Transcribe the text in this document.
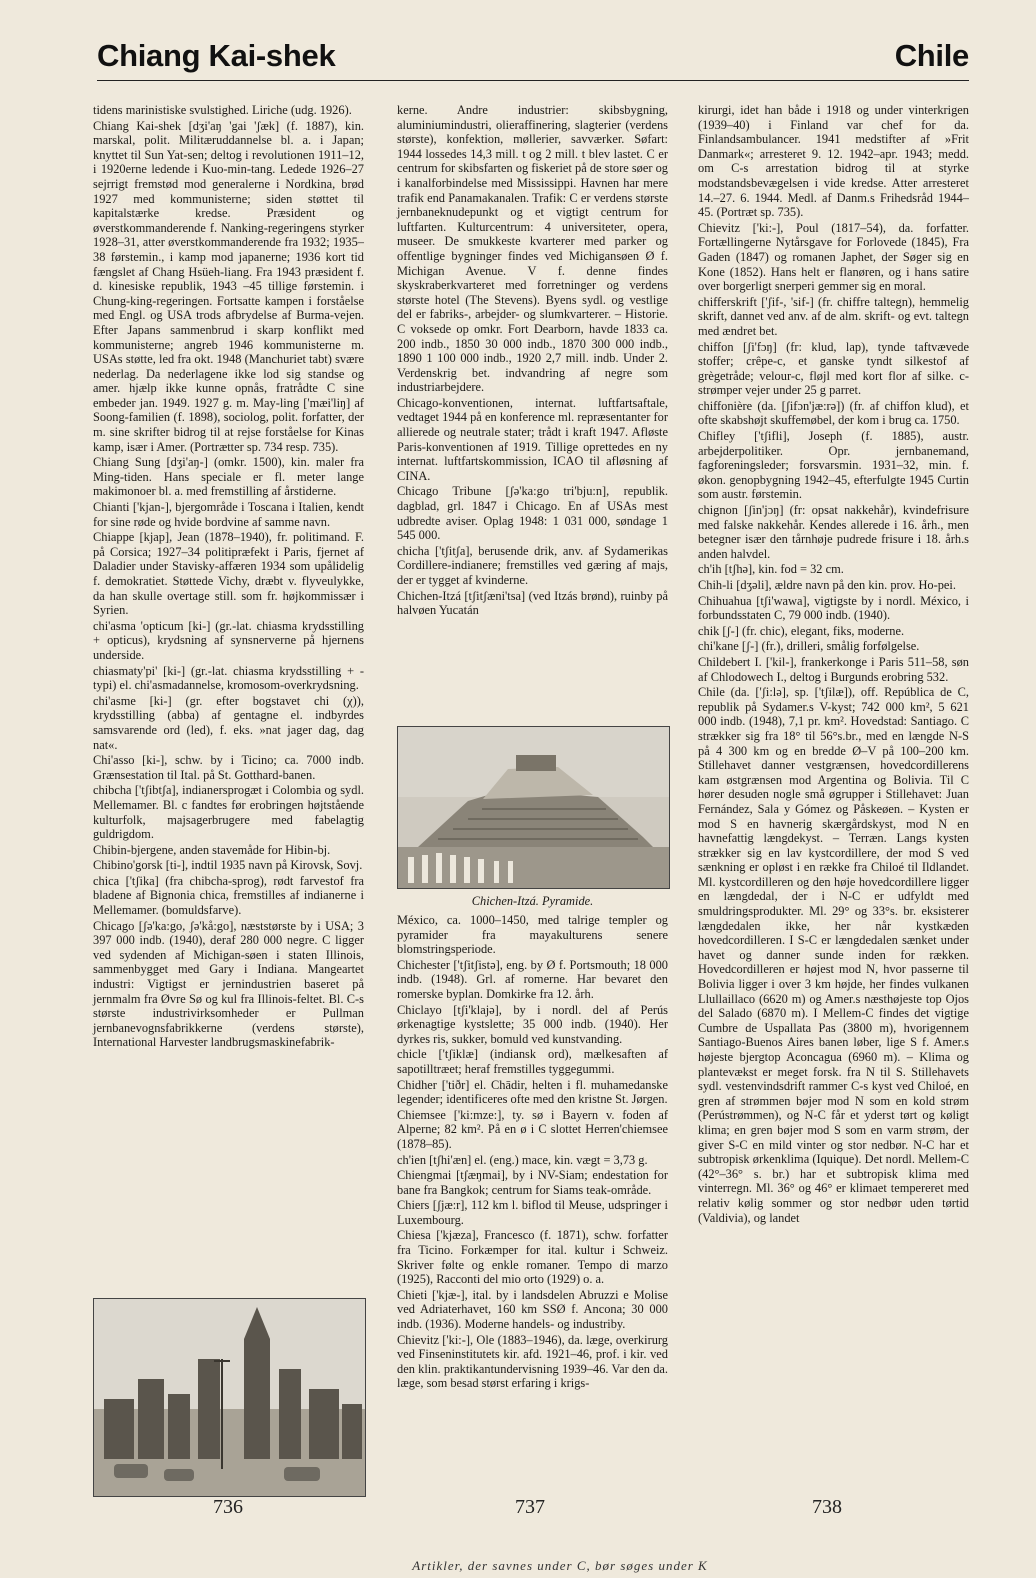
Chiang Kai-shek	Chile

tidens marinistiske svulstighed. Liriche (udg. 1926).

Chiang Kai-shek [dʒi'aŋ 'gai 'ʃæk] (f. 1887), kin. marskal, polit. Militæruddannelse bl. a. i Japan; knyttet til Sun Yat-sen; deltog i revolutionen 1911–12, i 1920erne ledende i Kuo-min-tang. Ledede 1926–27 sejrrigt fremstød mod generalerne i Nordkina, brød 1927 med kommunisterne; siden støttet til kapitalstærke kredse. Præsident og øverstkommanderende f. Nanking-regeringens styrker 1928–31, atter øverstkommanderende fra 1932; 1935–38 førstemin., i kamp mod japanerne; 1936 kort tid fængslet af Chang Hsüeh-liang. Fra 1943 præsident f. d. kinesiske republik, 1943 –45 tillige førstemin. i Chung-king-regeringen. Fortsatte kampen i forståelse med Engl. og USA trods afbrydelse af Burma-vejen. Efter Japans sammenbrud i skarp konflikt med kommunisterne; angreb 1946 kommunisterne m. USAs støtte, led fra okt. 1948 (Manchuriet tabt) svære nederlag. Da nederlagene ikke lod sig standse og amer. hjælp ikke kunne opnås, fratrådte C sine embeder jan. 1949. 1927 g. m. May-ling ['mæi'liŋ] af Soong-familien (f. 1898), sociolog, polit. forfatter, der m. sine skrifter bidrog til at rejse forståelse for Kinas kamp, især i Amer. (Portrætter sp. 734 resp. 735).

Chiang Sung [dʒi'aŋ-] (omkr. 1500), kin. maler fra Ming-tiden. Hans speciale er fl. meter lange makimonoer bl. a. med fremstilling af årstiderne.

Chianti ['kjan-], bjergområde i Toscana i Italien, kendt for sine røde og hvide bordvine af samme navn.

Chiappe [kjap], Jean (1878–1940), fr. politimand. F. på Corsica; 1927–34 politipræfekt i Paris, fjernet af Daladier under Stavisky-affæren 1934 som upålidelig f. demokratiet. Støttede Vichy, dræbt v. flyveulykke, da han skulle overtage still. som fr. højkommissær i Syrien.

chi'asma 'opticum [ki-] (gr.-lat. chiasma krydsstilling + opticus), krydsning af synsnerverne på hjernens underside.

chiasmaty'pi' [ki-] (gr.-lat. chiasma krydsstilling + -typi) el. chi'asmadannelse, kromosom-overkrydsning.

chi'asme [ki-] (gr. efter bogstavet chi (χ)), krydsstilling (abba) af gentagne el. indbyrdes samsvarende ord (led), f. eks. »nat jager dag, dag nat«.

Chi'asso [ki-], schw. by i Ticino; ca. 7000 indb. Grænsestation til Ital. på St. Gotthard-banen.

chibcha ['tʃibtʃa], indianersprogæt i Colombia og sydl. Mellemamer. Bl. c fandtes før erobringen højtstående kulturfolk, majsagerbrugere med fabelagtig guldrigdom.

Chibin-bjergene, anden stavemåde for Hibin-bj.

Chibino'gorsk [ti-], indtil 1935 navn på Kirovsk, Sovj.

chica ['tʃika] (fra chibcha-sprog), rødt farvestof fra bladene af Bignonia chica, fremstilles af indianerne i Mellemamer. (bomuldsfarve).

Chicago [ʃə'ka:go, ʃə'kå:go], næststørste by i USA; 3 397 000 indb. (1940), deraf 280 000 negre. C ligger ved sydenden af Michigan-søen i staten Illinois, sammenbygget med Gary i Indiana. Mangeartet industri: Vigtigst er jernindustrien baseret på jernmalm fra Øvre Sø og kul fra Illinois-feltet. Bl. C-s største industrivirksomheder er Pullman jernbanevognsfabrikkerne (verdens største), International Harvester landbrugsmaskinefabrik-

kerne. Andre industrier: skibsbygning, aluminiumindustri, olieraffinering, slagterier (verdens største), konfektion, møllerier, savværker. Søfart: 1944 lossedes 14,3 mill. t og 2 mill. t blev lastet. C er centrum for skibsfarten og fiskeriet på de store søer og i kanalforbindelse med Mississippi. Havnen har mere trafik end Panamakanalen. Trafik: C er verdens største jernbaneknudepunkt og et vigtigt centrum for luftfarten. Kulturcentrum: 4 universiteter, opera, museer. De smukkeste kvarterer med parker og offentlige bygninger findes ved Michigansøen Ø f. Michigan Avenue. V f. denne findes skyskraberkvarteret med forretninger og verdens største hotel (The Stevens). Byens sydl. og vestlige del er fabriks-, arbejder- og slumkvarterer. – Historie. C voksede op omkr. Fort Dearborn, havde 1833 ca. 200 indb., 1850 30 000 indb., 1870 300 000 indb., 1890 1 100 000 indb., 1920 2,7 mill. indb. Under 2. Verdenskrig bet. indvandring af negre som industriarbejdere.

Chicago-konventionen, internat. luftfartsaftale, vedtaget 1944 på en konference ml. repræsentanter for allierede og neutrale stater; trådt i kraft 1947. Afløste Paris-konventionen af 1919. Tillige oprettedes en ny internat. luftfartskommission, ICAO til afløsning af CINA.

Chicago Tribune [ʃə'ka:go tri'bju:n], republik. dagblad, grl. 1847 i Chicago. En af USAs mest udbredte aviser. Oplag 1948: 1 031 000, søndage 1 545 000.

chicha ['tʃitʃa], berusende drik, anv. af Sydamerikas Cordillere-indianere; fremstilles ved gæring af majs, der er tygget af kvinderne.

Chichen-Itzá [tʃitʃæni'tsa] (ved Itzás brønd), ruinby på halvøen Yucatán

Chichen-Itzá. Pyramide.

México, ca. 1000–1450, med talrige templer og pyramider fra mayakulturens senere blomstringsperiode.

Chichester ['tʃitʃistə], eng. by Ø f. Portsmouth; 18 000 indb. (1948). Grl. af romerne. Har bevaret den romerske byplan. Domkirke fra 12. årh.

Chiclayo [tʃi'klajə], by i nordl. del af Perús ørkenagtige kystslette; 35 000 indb. (1940). Her dyrkes ris, sukker, bomuld ved kunstvanding.

chicle ['tʃiklæ] (indiansk ord), mælkesaften af sapotilltræet; heraf fremstilles tyggegummi.

Chidher ['tiðr] el. Chādir, helten i fl. muhamedanske legender; identificeres ofte med den kristne St. Jørgen.

Chiemsee ['ki:mze:], ty. sø i Bayern v. foden af Alperne; 82 km². På en ø i C slottet Herren'chiemsee (1878–85).

ch'ien [tʃhi'æn] el. (eng.) mace, kin. vægt = 3,73 g.

Chiengmai [tʃæŋmai], by i NV-Siam; endestation for bane fra Bangkok; centrum for Siams teak-område.

Chiers [ʃjæ:r], 112 km l. biflod til Meuse, udspringer i Luxembourg.

Chiesa ['kjæza], Francesco (f. 1871), schw. forfatter fra Ticino. Forkæmper for ital. kultur i Schweiz. Skriver følte og enkle romaner. Tempo di marzo (1925), Racconti del mio orto (1929) o. a.

Chieti ['kjæ-], ital. by i landsdelen Abruzzi e Molise ved Adriaterhavet, 160 km SSØ f. Ancona; 30 000 indb. (1936). Moderne handels- og industriby.

Chievitz ['ki:-], Ole (1883–1946), da. læge, overkirurg ved Finseninstitutets kir. afd. 1921–46, prof. i kir. ved den klin. praktikantundervisning 1939–46. Var den da. læge, som besad størst erfaring i krigs-

kirurgi, idet han både i 1918 og under vinterkrigen (1939–40) i Finland var chef for da. Finlandsambulancer. 1941 medstifter af »Frit Danmark«; arresteret 9. 12. 1942–apr. 1943; medd. om C-s arrestation bidrog til at styrke modstandsbevægelsen i vide kredse. Atter arresteret 14.–27. 6. 1944. Medl. af Danm.s Frihedsråd 1944–45. (Portræt sp. 735).

Chievitz ['ki:-], Poul (1817–54), da. forfatter. Fortællingerne Nytårsgave for Forlovede (1845), Fra Gaden (1847) og romanen Japhet, der Søger sig en Kone (1852). Hans helt er flanøren, og i hans satire over borgerligt snerperi gemmer sig en moral.

chifferskrift ['ʃif-, 'sif-] (fr. chiffre taltegn), hemmelig skrift, dannet ved anv. af de alm. skrift- og evt. taltegn med ændret bet.

chiffon [ʃi'fɔŋ] (fr: klud, lap), tynde taftvævede stoffer; crêpe-c, et ganske tyndt silkestof af grègetråde; velour-c, fløjl med kort flor af silke. c-strømper vejer under 25 g parret.

chiffonière (da. [ʃifɔn'jæ:rə]) (fr. af chiffon klud), et ofte skabshøjt skuffemøbel, der kom i brug ca. 1750.

Chifley ['tʃifli], Joseph (f. 1885), austr. arbejderpolitiker. Opr. jernbanemand, fagforeningsleder; forsvarsmin. 1931–32, min. f. økon. genopbygning 1942–45, efterfulgte 1945 Curtin som austr. førstemin.

chignon [ʃin'jɔŋ] (fr: opsat nakkehår), kvindefrisure med falske nakkehår. Kendes allerede i 16. årh., men betegner især den tårnhøje pudrede frisure i 18. årh.s anden halvdel.

ch'ih [tʃhə], kin. fod = 32 cm.

Chih-li [dʒəli], ældre navn på den kin. prov. Ho-pei.

Chihuahua [tʃi'wawa], vigtigste by i nordl. México, i forbundsstaten C, 79 000 indb. (1940).

chik [ʃ-] (fr. chic), elegant, fiks, moderne.

chi'kane [ʃ-] (fr.), drilleri, smålig forfølgelse.

Childebert I. ['kil-], frankerkonge i Paris 511–58, søn af Chlodowech I., deltog i Burgunds erobring 532.

Chile (da. ['ʃi:lə], sp. ['tʃilæ]), off. República de C, republik på Sydamer.s V-kyst; 742 000 km², 5 621 000 indb. (1948), 7,1 pr. km². Hovedstad: Santiago. C strækker sig fra 18° til 56°s.br., med en længde N-S på 4 300 km og en bredde Ø–V på 100–200 km. Stillehavet danner vestgrænsen, hovedcordillerens kam østgrænsen mod Argentina og Bolivia. Til C hører desuden nogle små øgrupper i Stillehavet: Juan Fernández, Sala y Gómez og Påskeøen. – Kysten er mod S en havnerig skærgårdskyst, mod N en havnefattig længdekyst. – Terræn. Langs kysten strækker sig en lav kystcordillere, der mod S ved sænkning er opløst i en række fra Chiloé til Ildlandet. Ml. kystcordilleren og den høje hovedcordillere ligger en længdedal, der i N-C er udfyldt med smuldringsprodukter. Ml. 29° og 33°s. br. eksisterer længdedalen ikke, her når kystkæden hovedcordilleren. I S-C er længdedalen sænket under havet og danner sunde inden for rækken. Hovedcordilleren er højest mod N, hvor passerne til Bolivia ligger i over 3 km højde, her findes vulkanen Llullaillaco (6620 m) og Amer.s næsthøjeste top Ojos del Salado (6870 m). I Mellem-C findes det vigtige Cumbre de Uspallata Pas (3800 m), hvorigennem Santiago-Buenos Aires banen løber, lige S f. Amer.s højeste bjergtop Aconcagua (6960 m). – Klima og plantevækst er meget forsk. fra N til S. Stillehavets sydl. vestenvindsdrift rammer C-s kyst ved Chiloé, en gren af strømmen bøjer mod N som en kold strøm (Perústrømmen), og N-C får et yderst tørt og køligt klima; en gren bøjer mod S som en varm strøm, der giver S-C en mild vinter og stor nedbør. N-C har et subtropisk ørkenklima (Iquique). Det nordl. Mellem-C (42°–36° s. br.) har et subtropisk klima med vinterregn. Ml. 36° og 46° er klimaet tempereret med relativ kølig sommer og stor nedbør uden tørtid (Valdivia), og landet

736	737	738
Artikler, der savnes under C, bør søges under K
